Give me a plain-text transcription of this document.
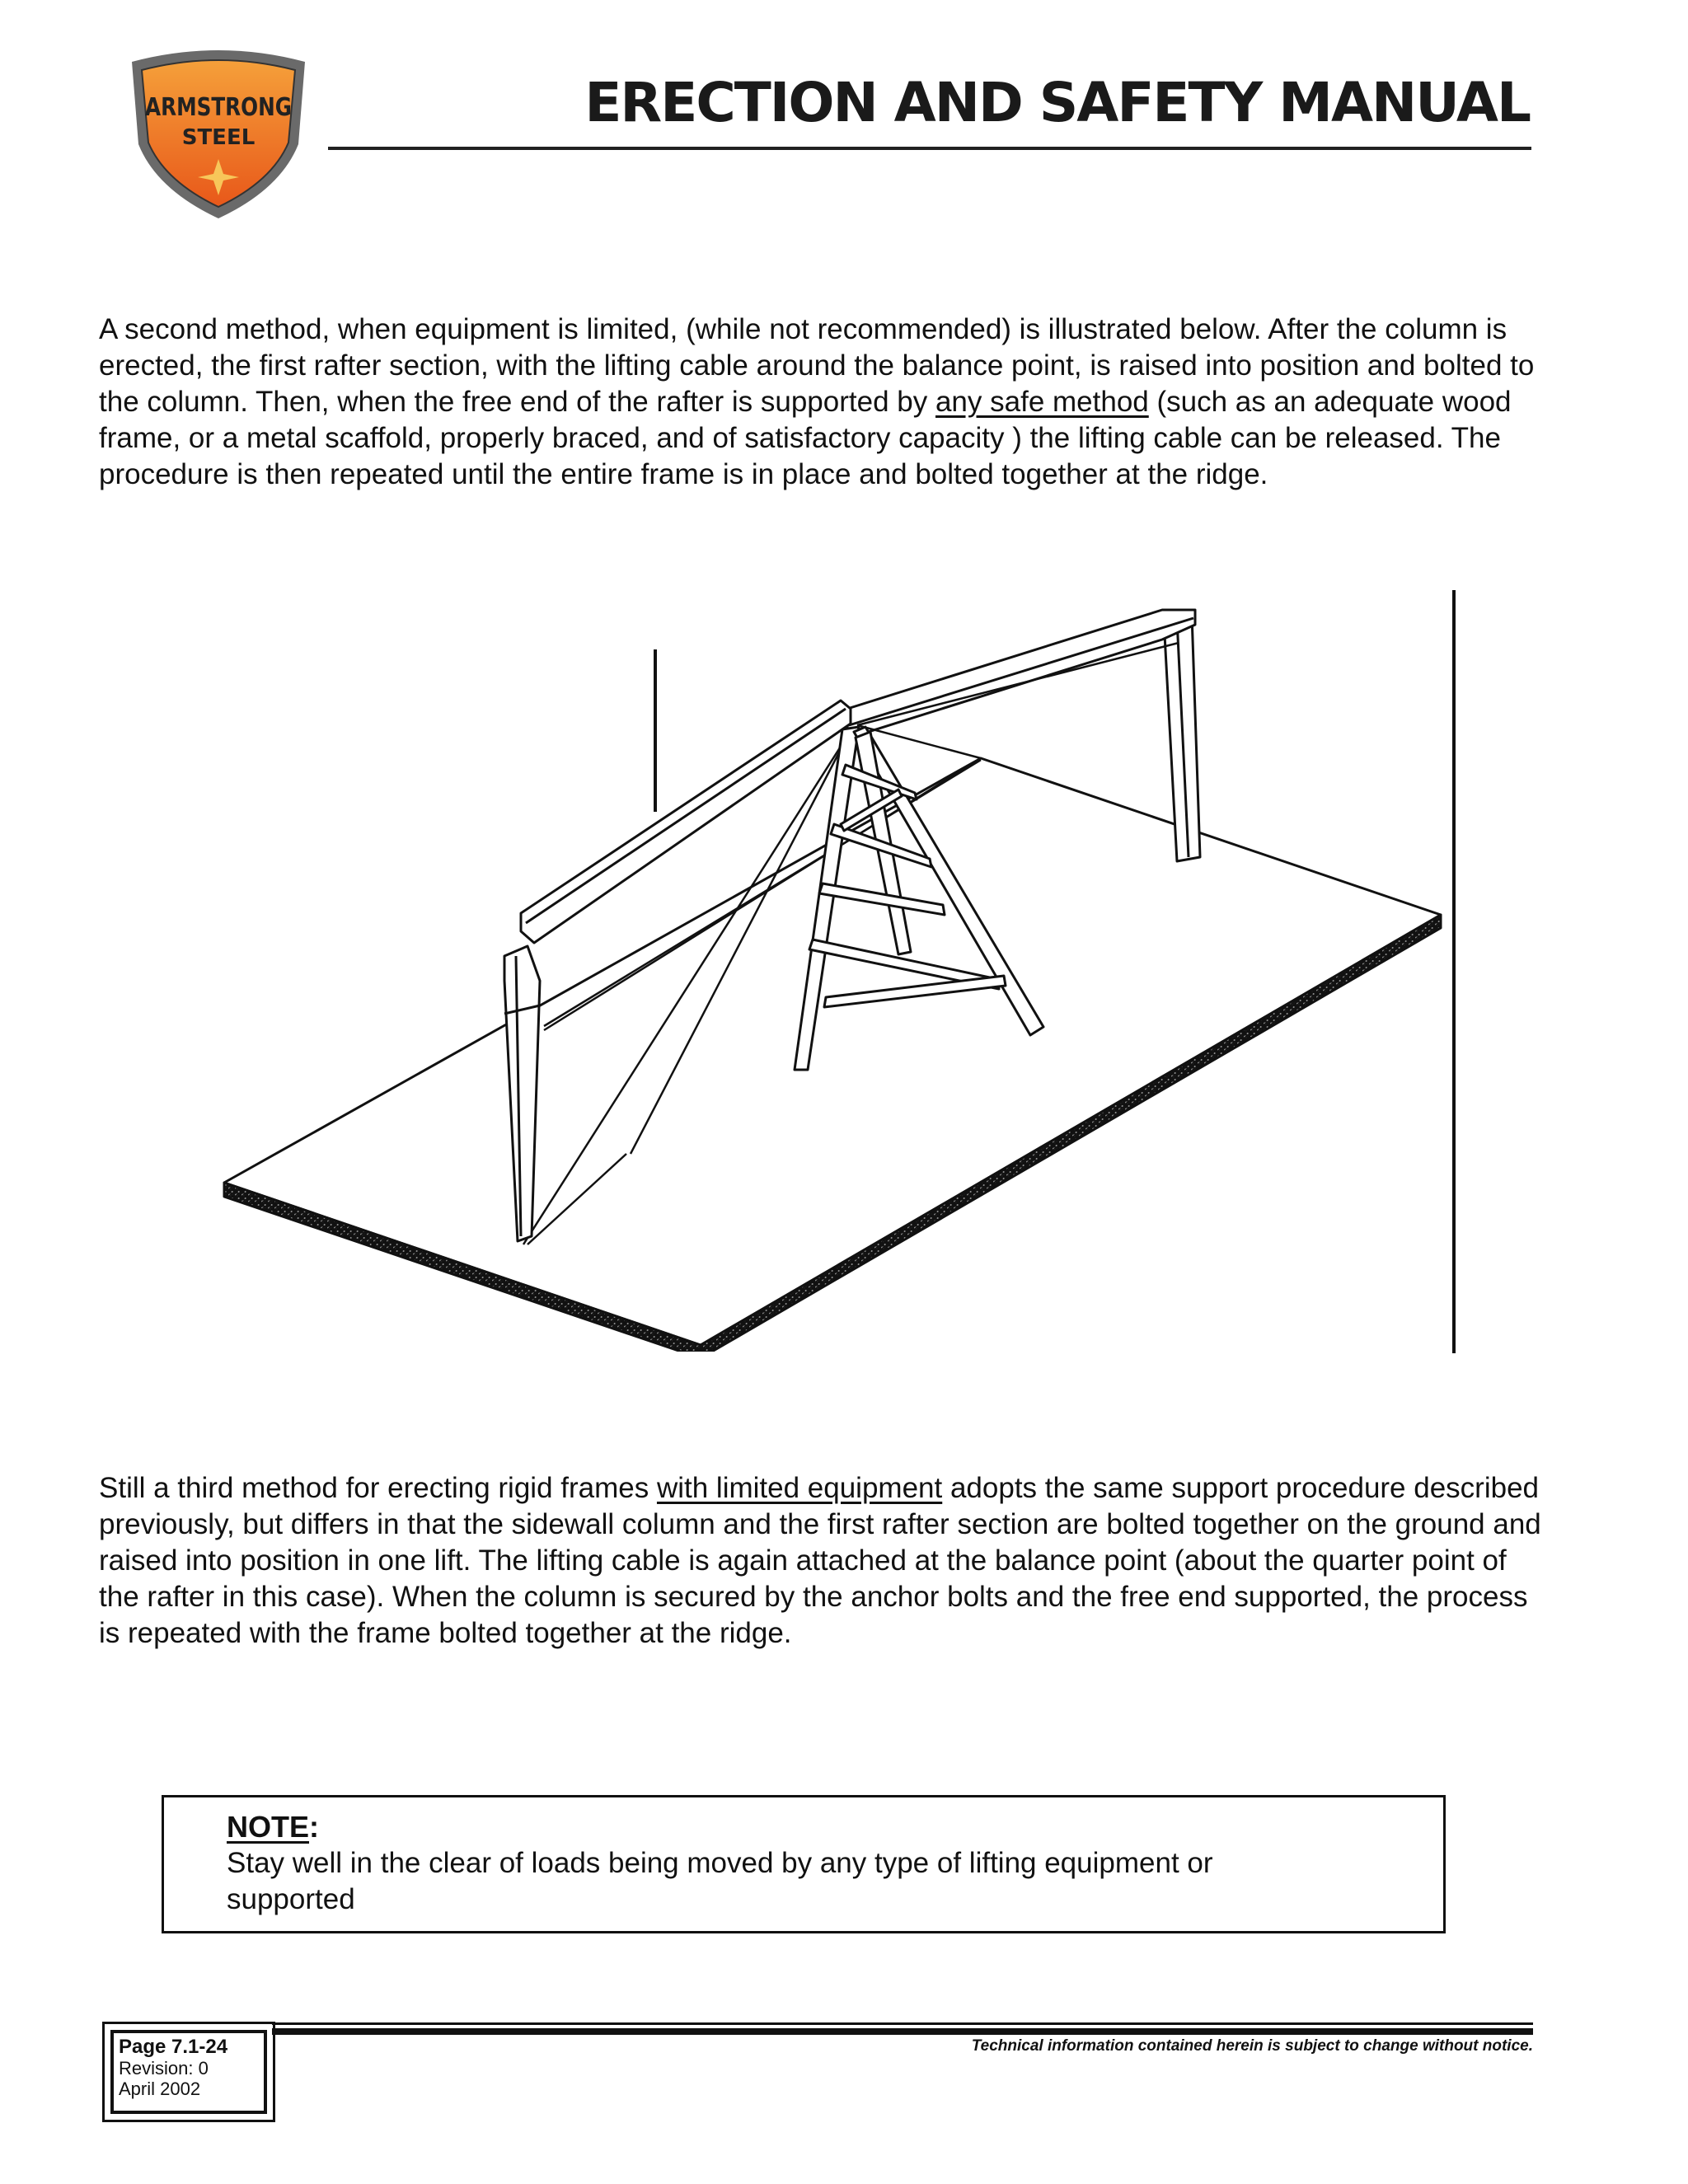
ARMSTRONG
STEEL
ERECTION AND SAFETY MANUAL
A second method, when equipment is limited, (while not recommended) is illustrated below. After the column is erected, the first rafter section, with the lifting cable around the balance point, is raised into position and bolted to the column. Then, when the free end of the rafter is supported by any safe method (such as an adequate wood frame, or a metal scaffold, properly braced, and of satisfactory capacity ) the lifting cable can be released. The procedure is then repeated until the entire frame is in place and bolted together at the ridge.
Still a third method for erecting rigid frames with limited equipment adopts the same support procedure described previously, but differs in that the sidewall column and the first rafter section are bolted together on the ground and raised into position in one lift. The lifting cable is again attached at the balance point (about the quarter point of the rafter in this case). When the column is secured by the anchor bolts and the free end supported, the process is repeated with the frame bolted together at the ridge.
NOTE:
Stay well in the clear of loads being moved by any type of lifting equipment or supported
Page 7.1-24
Revision: 0
April 2002
Technical information contained herein is subject to change without notice.
